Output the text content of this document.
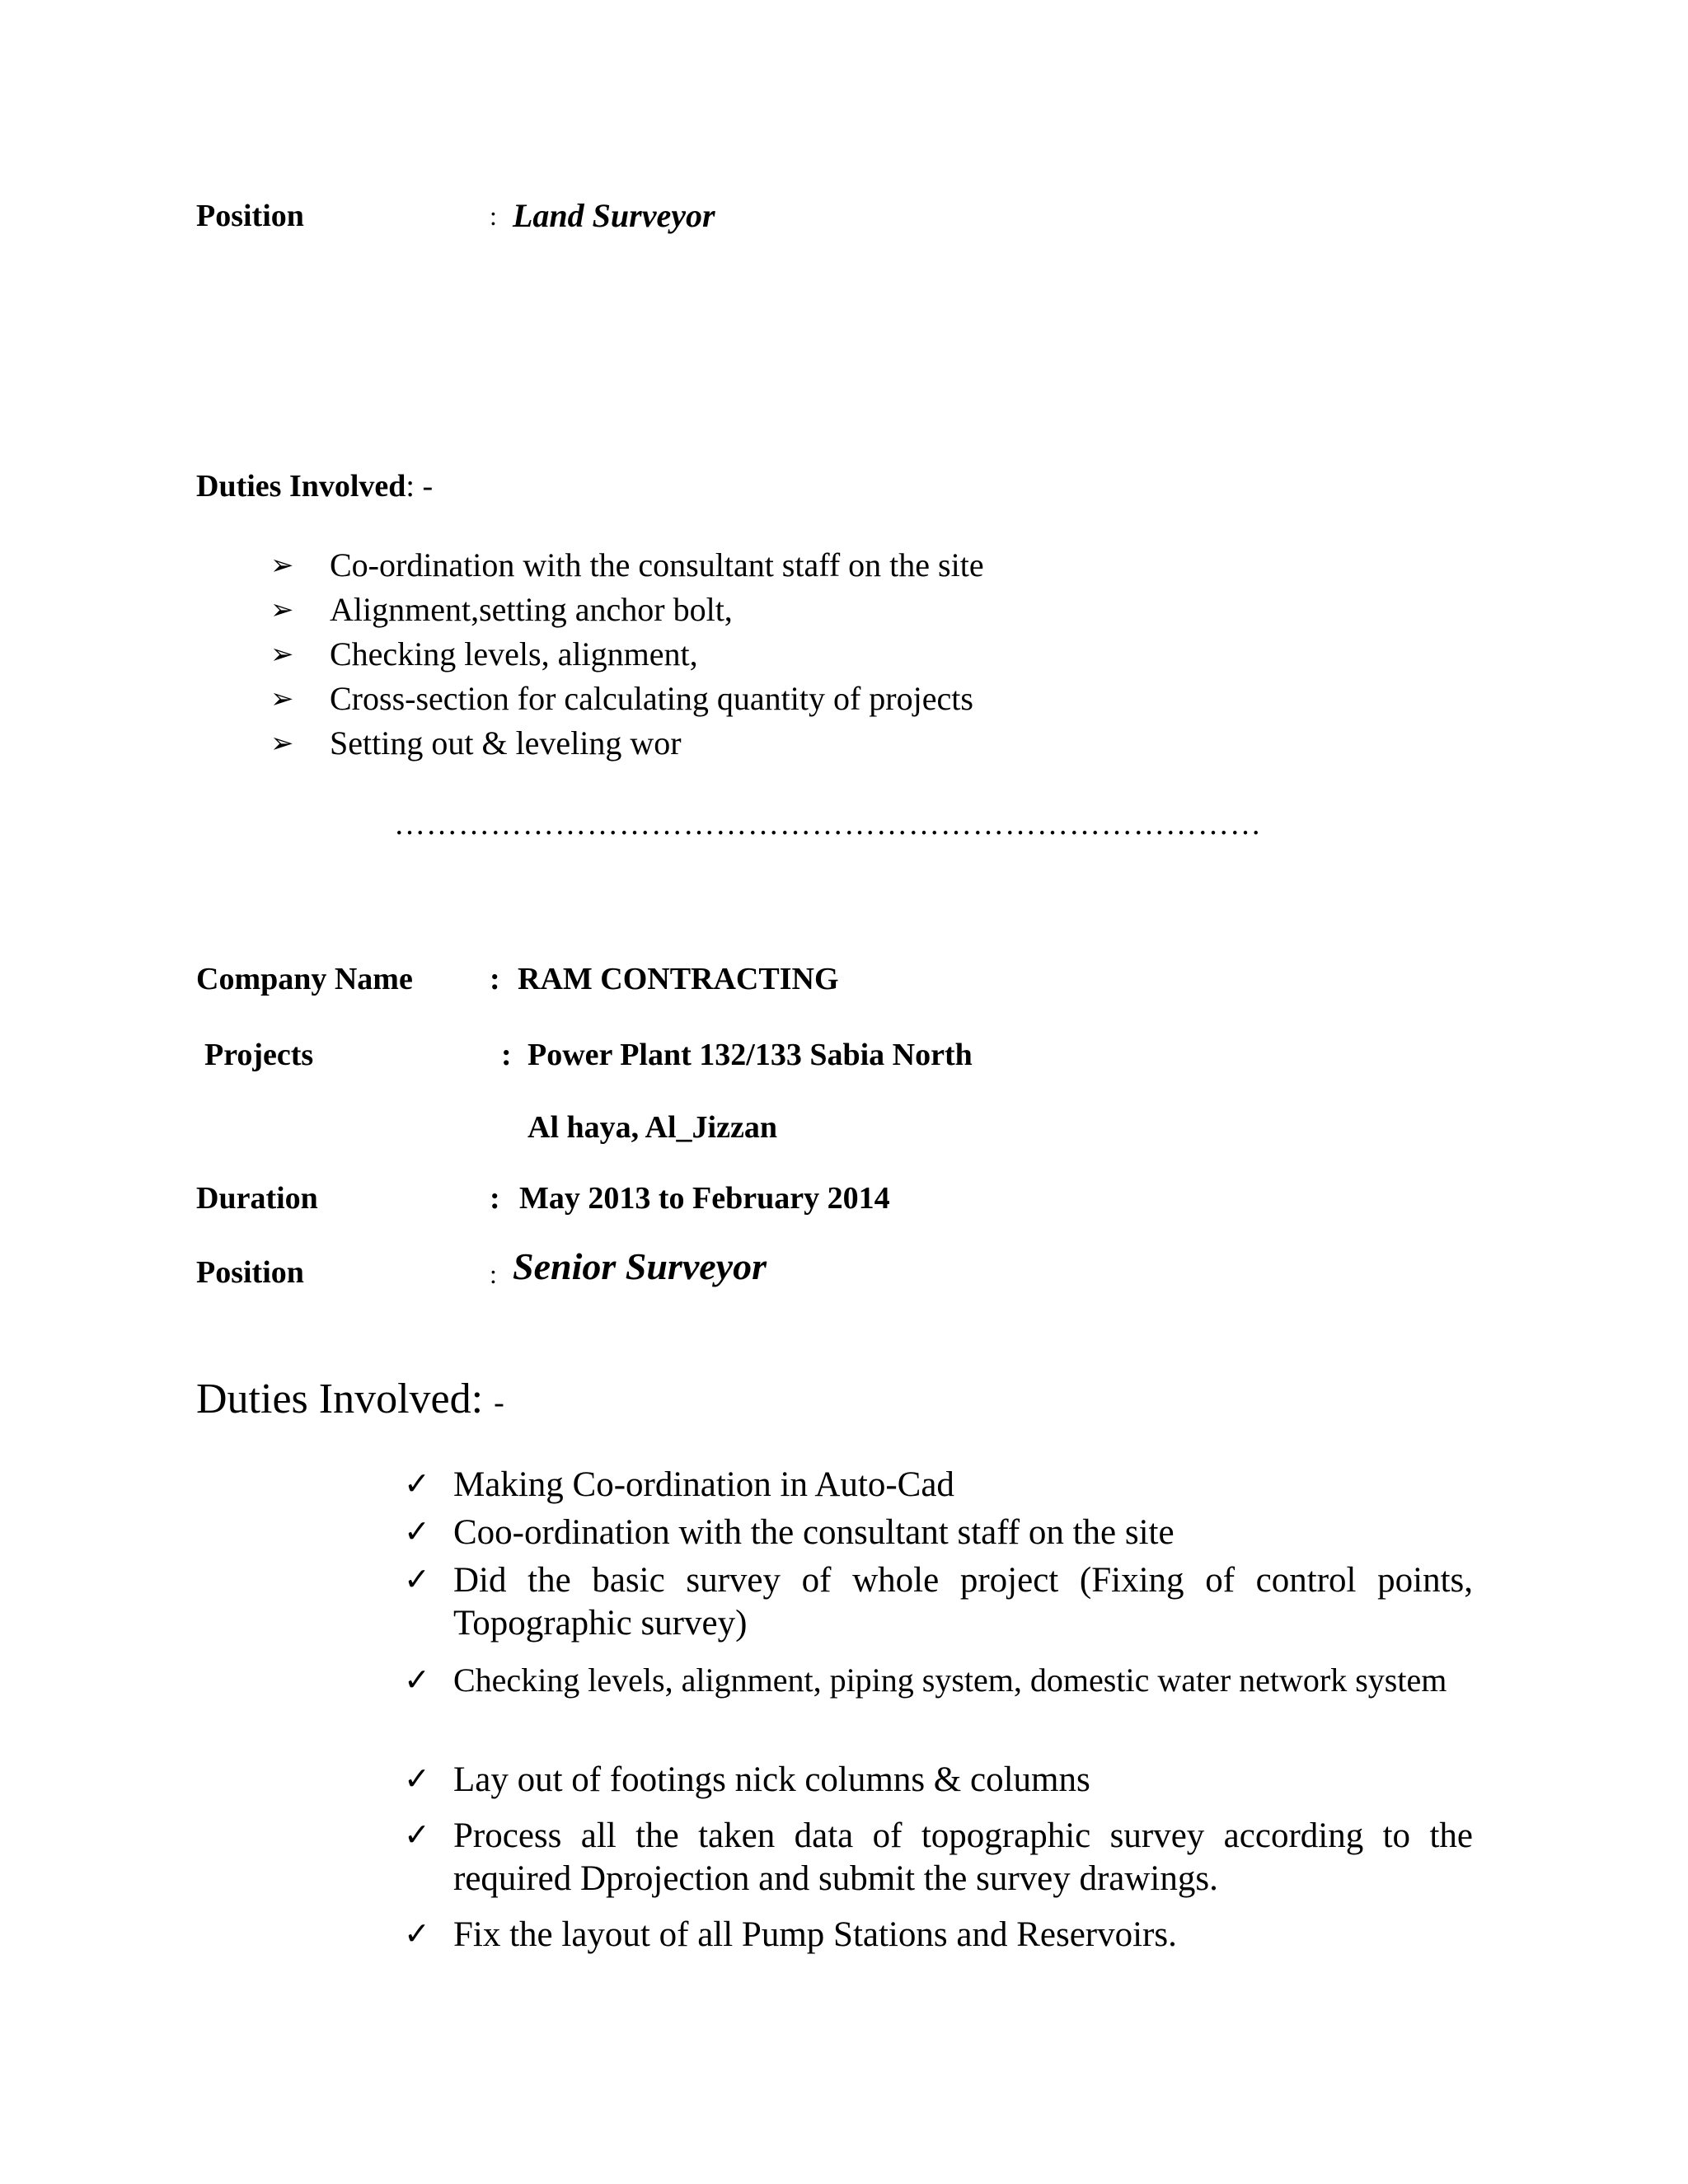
Position	: Land Surveyor
Duties Involved: -
➢ Co-ordination with the consultant staff on the site
➢ Alignment,setting anchor bolt,
➢ Checking levels, alignment,
➢ Cross-section for calculating quantity of projects
➢ Setting out & leveling wor
………………………………………………………………………
Company Name : RAM CONTRACTING
Projects	: Power Plant 132/133 Sabia North
Al haya, Al_Jizzan
Duration	: May 2013 to February 2014
Position	: Senior Surveyor
Duties Involved: -
✓ Making Co-ordination in Auto-Cad
✓ Coo-ordination with the consultant staff on the site
✓ Did the basic survey of whole project (Fixing of control points, Topographic survey)
✓ Checking levels, alignment, piping system, domestic water network system
✓ Lay out of footings nick columns & columns
✓ Process all the taken data of topographic survey according to the required Dprojection and submit the survey drawings.
✓ Fix the layout of all Pump Stations and Reservoirs.
